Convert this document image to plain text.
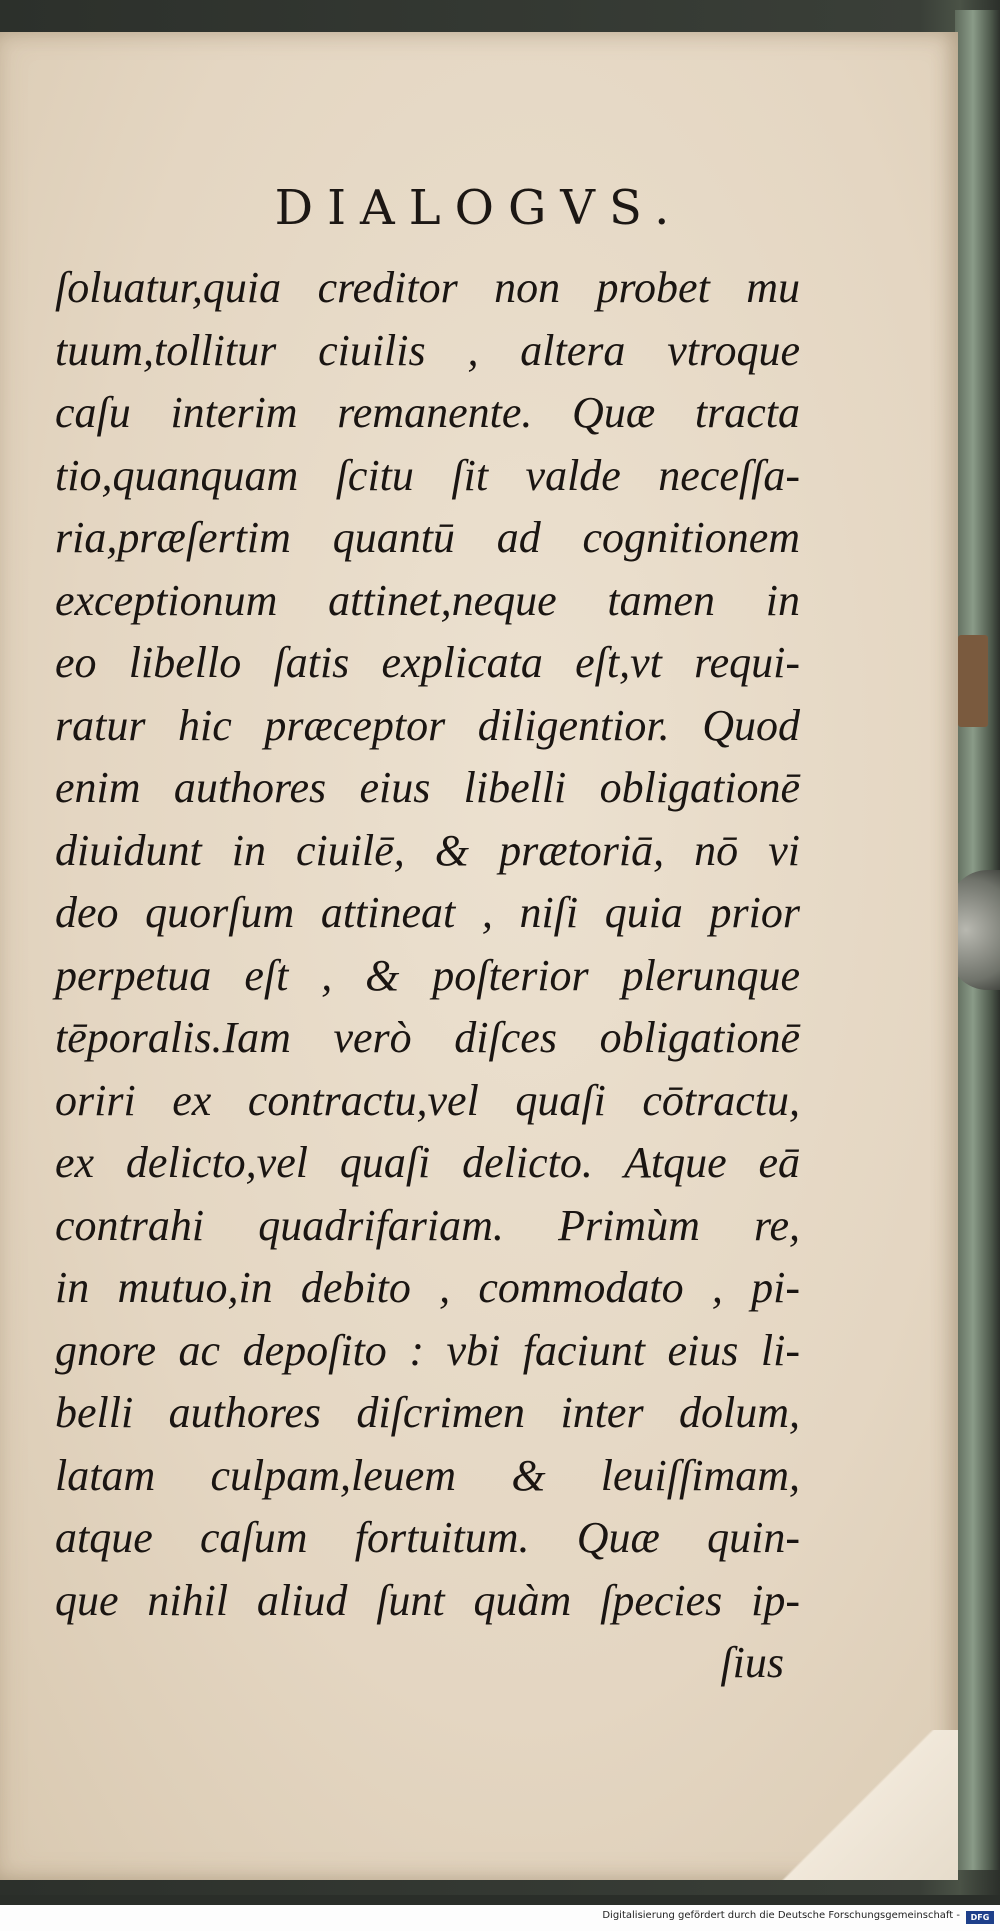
DIALOGVS.
ſoluatur,quia creditor non probet mu
tuum,tollitur ciuilis , altera vtroque
caſu interim remanente. Quæ tracta
tio,quanquam ſcitu ſit valde neceſſa-
ria,præſertim quantū ad cognitionem
exceptionum attinet,neque tamen in
eo libello ſatis explicata eſt,vt requi-
ratur hic præceptor diligentior. Quod
enim authores eius libelli obligationē
diuidunt in ciuilē, & prætoriā, nō vi
deo quorſum attineat , niſi quia prior
perpetua eſt , & poſterior plerunque
tēporalis.Iam verò diſces obligationē
oriri ex contractu,vel quaſi cōtractu,
ex delicto,vel quaſi delicto. Atque eā
contrahi quadrifariam. Primùm re,
in mutuo,in debito , commodato , pi-
gnore ac depoſito : vbi faciunt eius li-
belli authores diſcrimen inter dolum,
latam culpam,leuem & leuiſſimam,
atque caſum fortuitum. Quæ quin-
que nihil aliud ſunt quàm ſpecies ip-
ſius
Digitalisierung gefördert durch die Deutsche Forschungsgemeinschaft -	DFG
